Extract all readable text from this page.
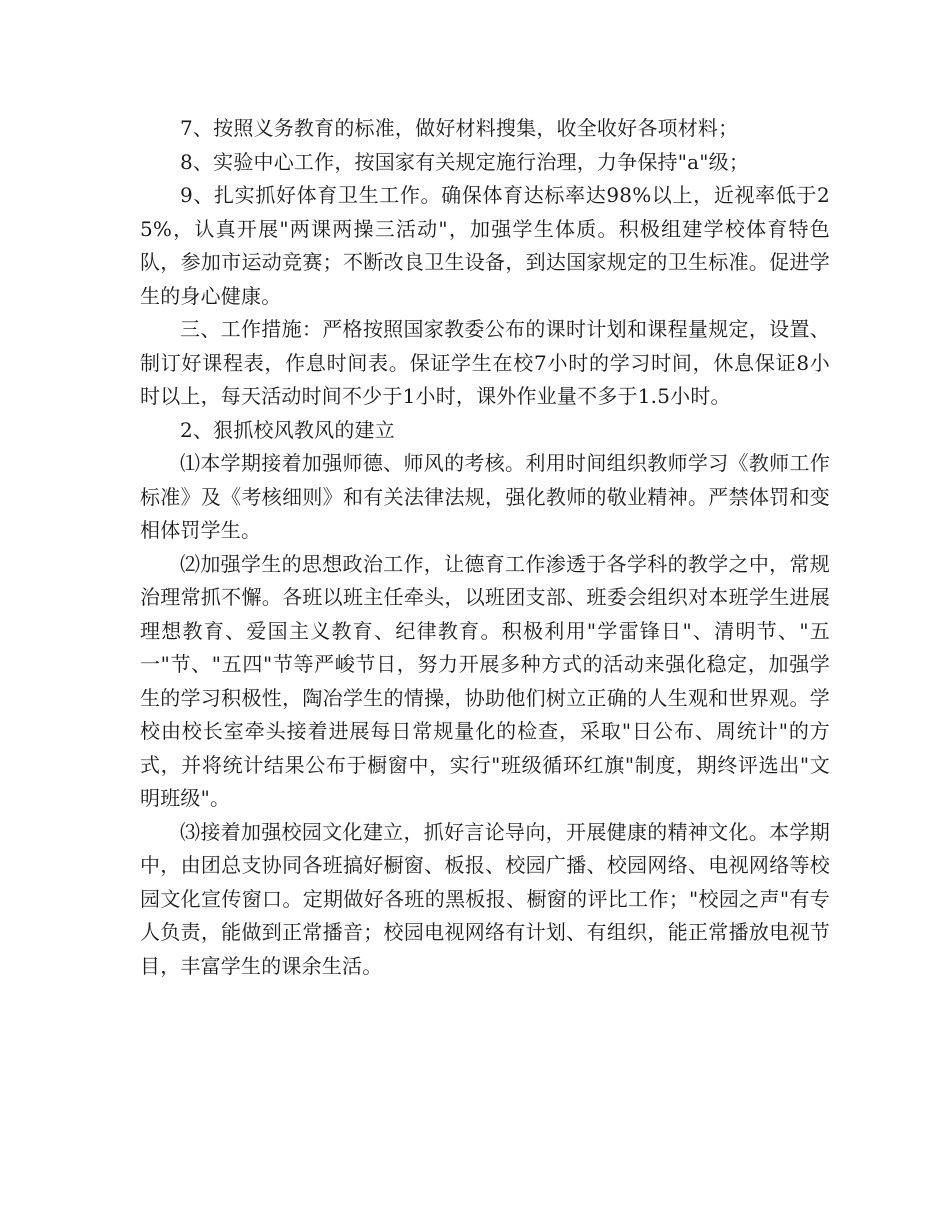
7、按照义务教育的标准，做好材料搜集，收全收好各项材料；

8、实验中心工作，按国家有关规定施行治理，力争保持"a"级；

9、扎实抓好体育卫生工作。确保体育达标率达98%以上，近视率低于25%，认真开展"两课两操三活动"，加强学生体质。积极组建学校体育特色队，参加市运动竞赛；不断改良卫生设备，到达国家规定的卫生标准。促进学生的身心健康。

三、工作措施：严格按照国家教委公布的课时计划和课程量规定，设置、制订好课程表，作息时间表。保证学生在校7小时的学习时间，休息保证8小时以上，每天活动时间不少于1小时，课外作业量不多于1.5小时。

2、狠抓校风教风的建立

⑴本学期接着加强师德、师风的考核。利用时间组织教师学习《教师工作标准》及《考核细则》和有关法律法规，强化教师的敬业精神。严禁体罚和变相体罚学生。

⑵加强学生的思想政治工作，让德育工作渗透于各学科的教学之中，常规治理常抓不懈。各班以班主任牵头，以班团支部、班委会组织对本班学生进展理想教育、爱国主义教育、纪律教育。积极利用"学雷锋日"、清明节、"五一"节、"五四"节等严峻节日，努力开展多种方式的活动来强化稳定，加强学生的学习积极性，陶冶学生的情操，协助他们树立正确的人生观和世界观。学校由校长室牵头接着进展每日常规量化的检查，采取"日公布、周统计"的方式，并将统计结果公布于橱窗中，实行"班级循环红旗"制度，期终评选出"文明班级"。

⑶接着加强校园文化建立，抓好言论导向，开展健康的精神文化。本学期中，由团总支协同各班搞好橱窗、板报、校园广播、校园网络、电视网络等校园文化宣传窗口。定期做好各班的黑板报、橱窗的评比工作；"校园之声"有专人负责，能做到正常播音；校园电视网络有计划、有组织，能正常播放电视节目，丰富学生的课余生活。
